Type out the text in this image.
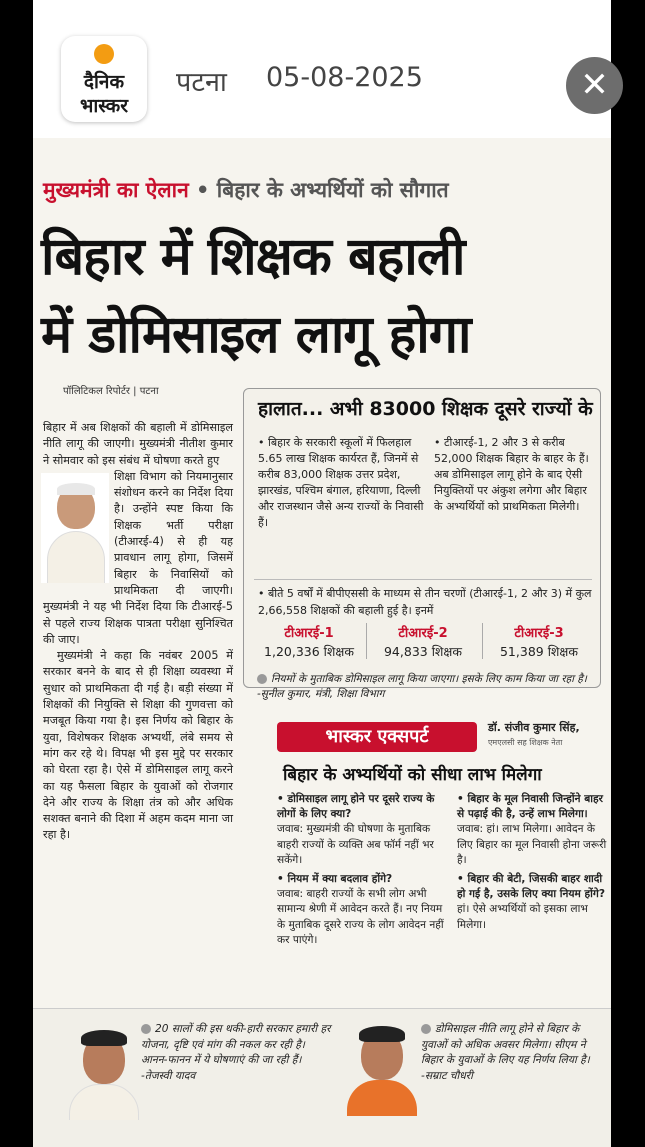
दैनिक
भास्कर
पटना 05-08-2025
मुख्यमंत्री का ऐलान • बिहार के अभ्यर्थियों को सौगात
बिहार में शिक्षक बहाली
में डोमिसाइल लागू होगा
पॉलिटिकल रिपोर्टर | पटना

बिहार में अब शिक्षकों की बहाली में डोमिसाइल नीति लागू की जाएगी। मुख्यमंत्री नीतीश कुमार ने सोमवार को इस संबंध में घोषणा करते हुए

शिक्षा विभाग को नियमानुसार संशोधन करने का निर्देश दिया है। उन्होंने स्पष्ट किया कि शिक्षक भर्ती परीक्षा (टीआरई-4) से ही यह प्रावधान लागू होगा, जिसमें बिहार के निवासियों को प्राथमिकता दी जाएगी। मुख्यमंत्री ने यह भी निर्देश दिया कि टीआरई-5 से पहले राज्य शिक्षक पात्रता परीक्षा सुनिश्चित की जाए।

मुख्यमंत्री ने कहा कि नवंबर 2005 में सरकार बनने के बाद से ही शिक्षा व्यवस्था में सुधार को प्राथमिकता दी गई है। बड़ी संख्या में शिक्षकों की नियुक्ति से शिक्षा की गुणवत्ता को मजबूत किया गया है। इस निर्णय को बिहार के युवा, विशेषकर शिक्षक अभ्यर्थी, लंबे समय से मांग कर रहे थे। विपक्ष भी इस मुद्दे पर सरकार को घेरता रहा है। ऐसे में डोमिसाइल लागू करने का यह फैसला बिहार के युवाओं को रोजगार देने और राज्य के शिक्षा तंत्र को और अधिक सशक्त बनाने की दिशा में अहम कदम माना जा रहा है।

हालात... अभी 83000 शिक्षक दूसरे राज्यों के
• बिहार के सरकारी स्कूलों में फिलहाल 5.65 लाख शिक्षक कार्यरत हैं, जिनमें से करीब 83,000 शिक्षक उत्तर प्रदेश, झारखंड, पश्चिम बंगाल, हरियाणा, दिल्ली और राजस्थान जैसे अन्य राज्यों के निवासी हैं।
• टीआरई-1, 2 और 3 से करीब 52,000 शिक्षक बिहार के बाहर के हैं। अब डोमिसाइल लागू होने के बाद ऐसी नियुक्तियों पर अंकुश लगेगा और बिहार के अभ्यर्थियों को प्राथमिकता मिलेगी।
• बीते 5 वर्षों में बीपीएससी के माध्यम से तीन चरणों (टीआरई-1, 2 और 3) में कुल 2,66,558 शिक्षकों की बहाली हुई है। इनमें
टीआरई-1
1,20,336 शिक्षक
टीआरई-2
94,833 शिक्षक
टीआरई-3
51,389 शिक्षक
नियमों के मुताबिक डोमिसाइल लागू किया जाएगा। इसके लिए काम किया जा रहा है। -सुनील कुमार, मंत्री, शिक्षा विभाग
भास्कर एक्सपर्ट	डॉ. संजीव कुमार सिंह,
एमएलसी सह शिक्षक नेता
बिहार के अभ्यर्थियों को सीधा लाभ मिलेगा
• डोमिसाइल लागू होने पर दूसरे राज्य के लोगों के लिए क्या?
जवाब: मुख्यमंत्री की घोषणा के मुताबिक बाहरी राज्यों के व्यक्ति अब फॉर्म नहीं भर सकेंगे।
• नियम में क्या बदलाव होंगे?
जवाब: बाहरी राज्यों के सभी लोग अभी सामान्य श्रेणी में आवेदन करते हैं। नए नियम के मुताबिक दूसरे राज्य के लोग आवेदन नहीं कर पाएंगे।
• बिहार के मूल निवासी जिन्होंने बाहर से पढ़ाई की है, उन्हें लाभ मिलेगा।
जवाब: हां। लाभ मिलेगा। आवेदन के लिए बिहार का मूल निवासी होना जरूरी है।
• बिहार की बेटी, जिसकी बाहर शादी हो गई है, उसके लिए क्या नियम होंगे?
हां। ऐसे अभ्यर्थियों को इसका लाभ मिलेगा।
20 सालों की इस थकी-हारी सरकार हमारी हर योजना, दृष्टि एवं मांग की नकल कर रही है। आनन-फानन में ये घोषणाएं की जा रही हैं। -तेजस्वी यादव
डोमिसाइल नीति लागू होने से बिहार के युवाओं को अधिक अवसर मिलेगा। सीएम ने बिहार के युवाओं के लिए यह निर्णय लिया है। -सम्राट चौधरी
✕
